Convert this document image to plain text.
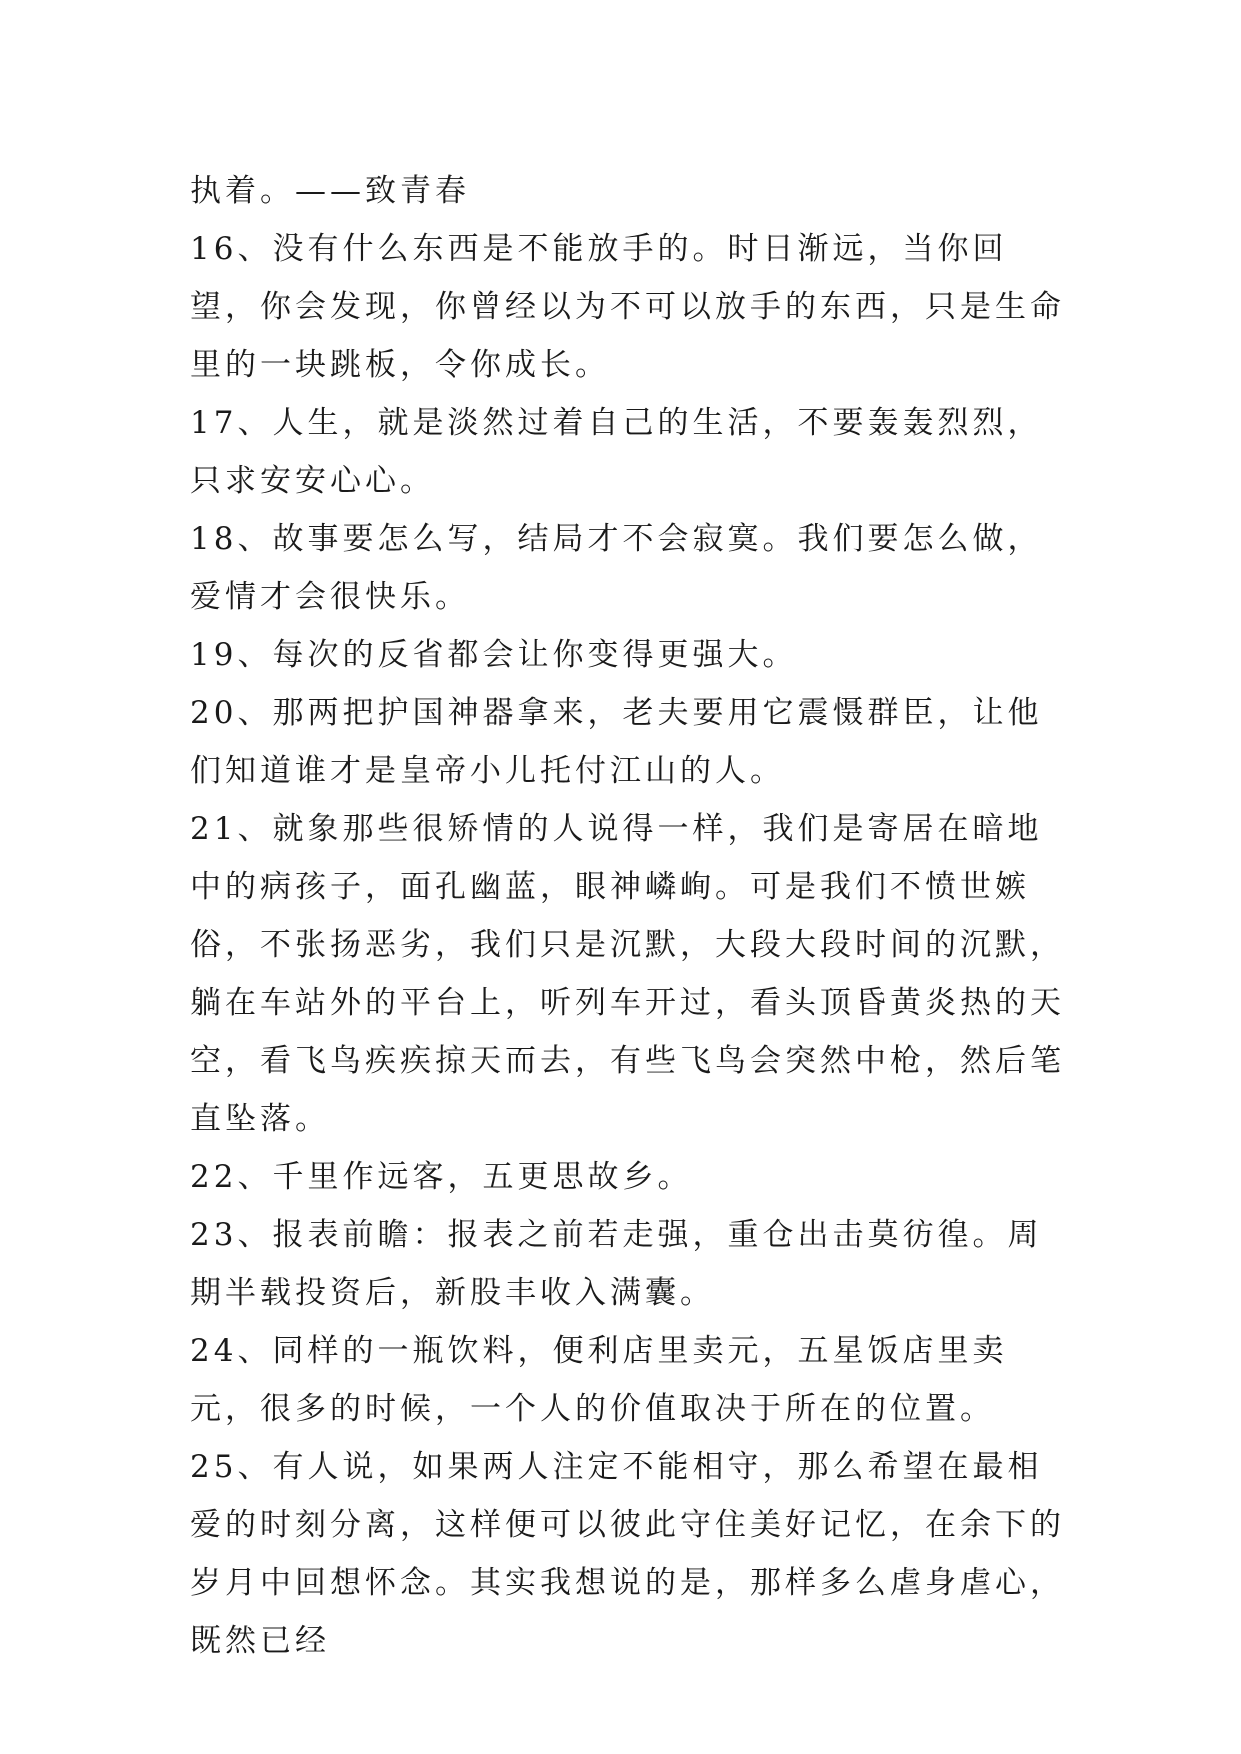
执着。——致青春

16、没有什么东西是不能放手的。时日渐远，当你回望，你会发现，你曾经以为不可以放手的东西，只是生命里的一块跳板，令你成长。

17、人生，就是淡然过着自己的生活，不要轰轰烈烈，只求安安心心。

18、故事要怎么写，结局才不会寂寞。我们要怎么做，爱情才会很快乐。

19、每次的反省都会让你变得更强大。

20、那两把护国神器拿来，老夫要用它震慑群臣，让他们知道谁才是皇帝小儿托付江山的人。

21、就象那些很矫情的人说得一样，我们是寄居在暗地中的病孩子，面孔幽蓝，眼神嶙峋。可是我们不愤世嫉俗，不张扬恶劣，我们只是沉默，大段大段时间的沉默，躺在车站外的平台上，听列车开过，看头顶昏黄炎热的天空，看飞鸟疾疾掠天而去，有些飞鸟会突然中枪，然后笔直坠落。

22、千里作远客，五更思故乡。

23、报表前瞻：报表之前若走强，重仓出击莫彷徨。周期半载投资后，新股丰收入满囊。

24、同样的一瓶饮料，便利店里卖元，五星饭店里卖元，很多的时候，一个人的价值取决于所在的位置。

25、有人说，如果两人注定不能相守，那么希望在最相爱的时刻分离，这样便可以彼此守住美好记忆，在余下的岁月中回想怀念。其实我想说的是，那样多么虐身虐心，既然已经
